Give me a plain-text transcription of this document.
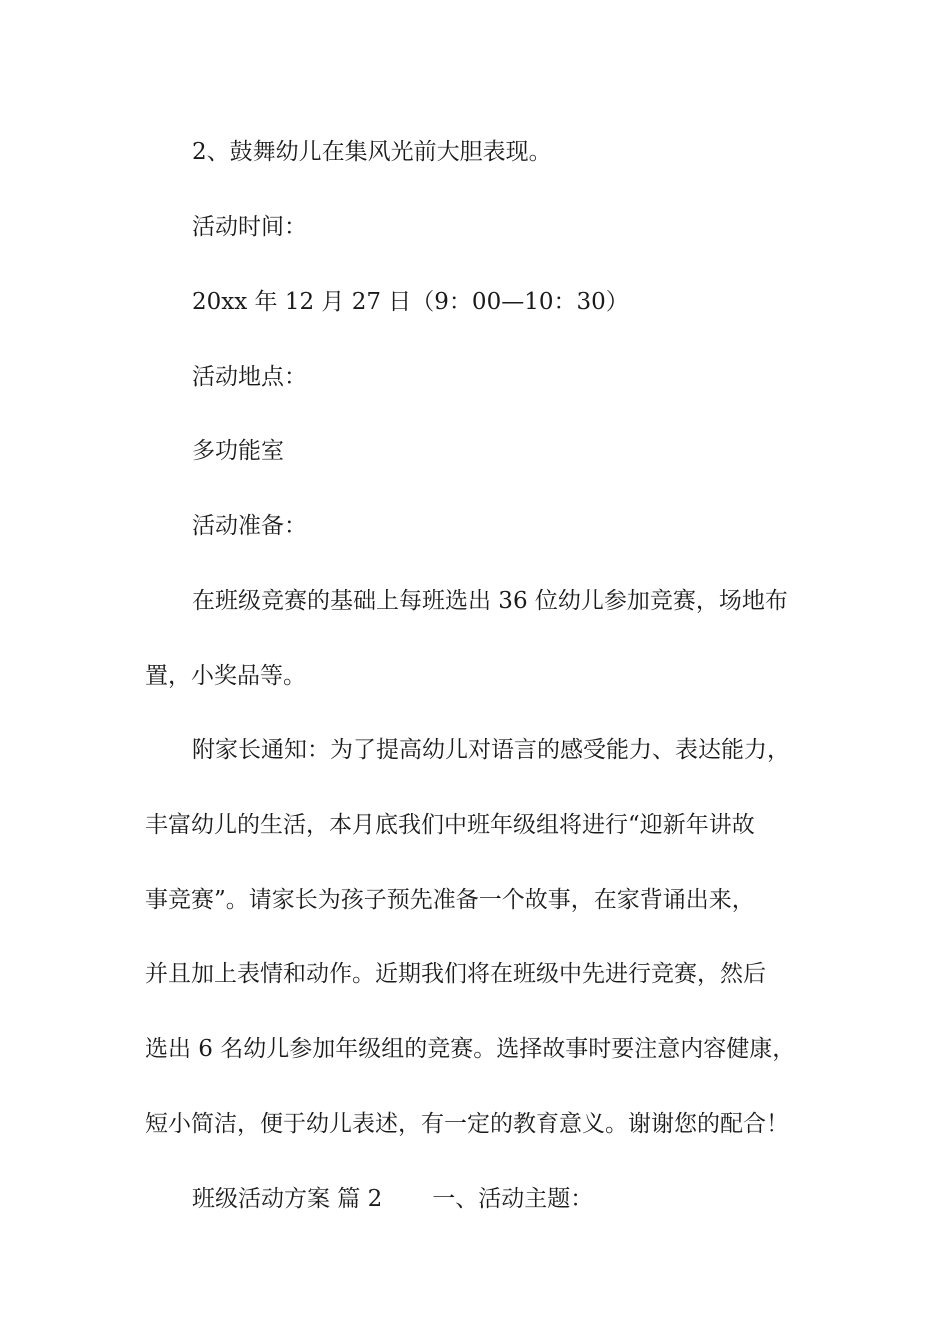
2、鼓舞幼儿在集风光前大胆表现。
活动时间：
20xx 年 12 月 27 日（9：00—10：30）
活动地点：
多功能室
活动准备：
在班级竞赛的基础上每班选出 36 位幼儿参加竞赛，场地布
置，小奖品等。
附家长通知：为了提高幼儿对语言的感受能力、表达能力，
丰富幼儿的生活，本月底我们中班年级组将进行“迎新年讲故
事竞赛”。请家长为孩子预先准备一个故事，在家背诵出来，
并且加上表情和动作。近期我们将在班级中先进行竞赛，然后
选出 6 名幼儿参加年级组的竞赛。选择故事时要注意内容健康，
短小简洁，便于幼儿表述，有一定的教育意义。谢谢您的配合！
班级活动方案 篇 2 一、活动主题：
